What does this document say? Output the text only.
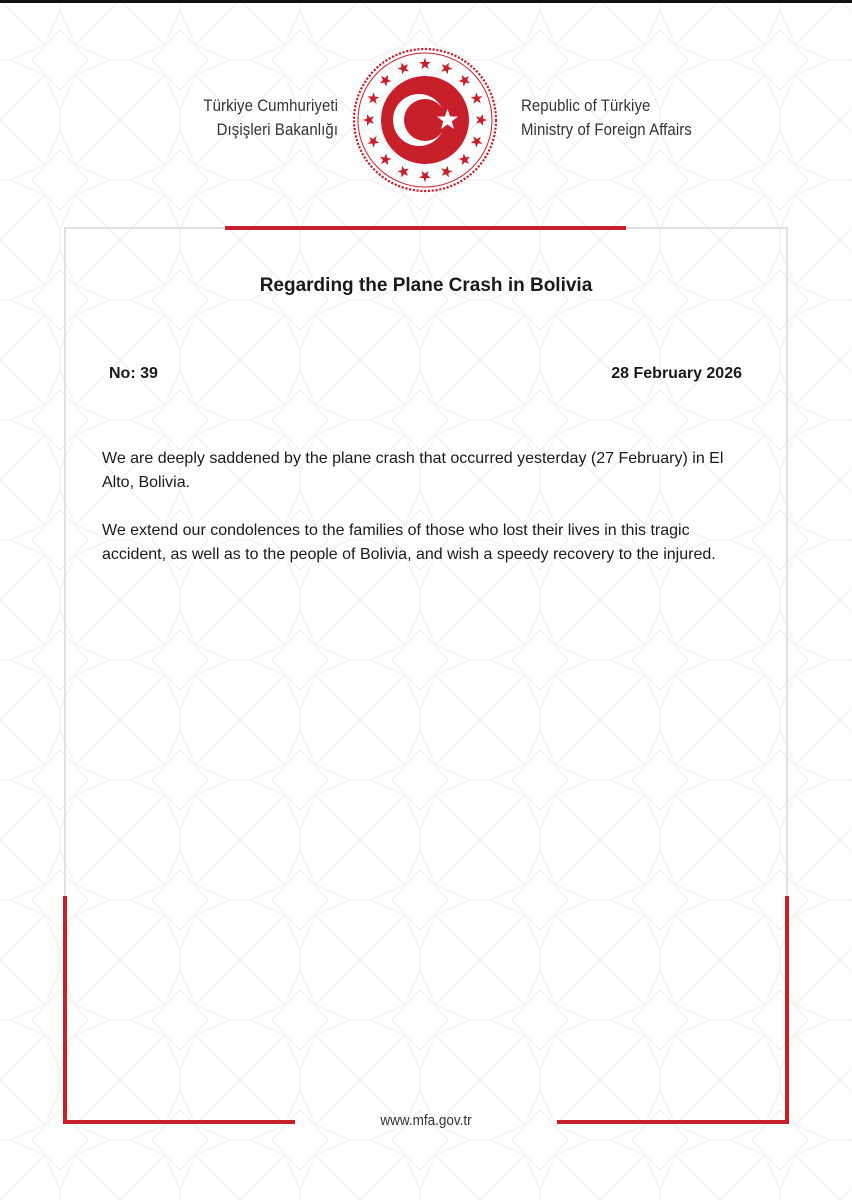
Türkiye Cumhuriyeti
Dışişleri Bakanlığı
Republic of Türkiye
Ministry of Foreign Affairs
Regarding the Plane Crash in Bolivia
No: 39	28 February 2026

We are deeply saddened by the plane crash that occurred yesterday (27 February) in El Alto, Bolivia.

We extend our condolences to the families of those who lost their lives in this tragic accident, as well as to the people of Bolivia, and wish a speedy recovery to the injured.

www.mfa.gov.tr
